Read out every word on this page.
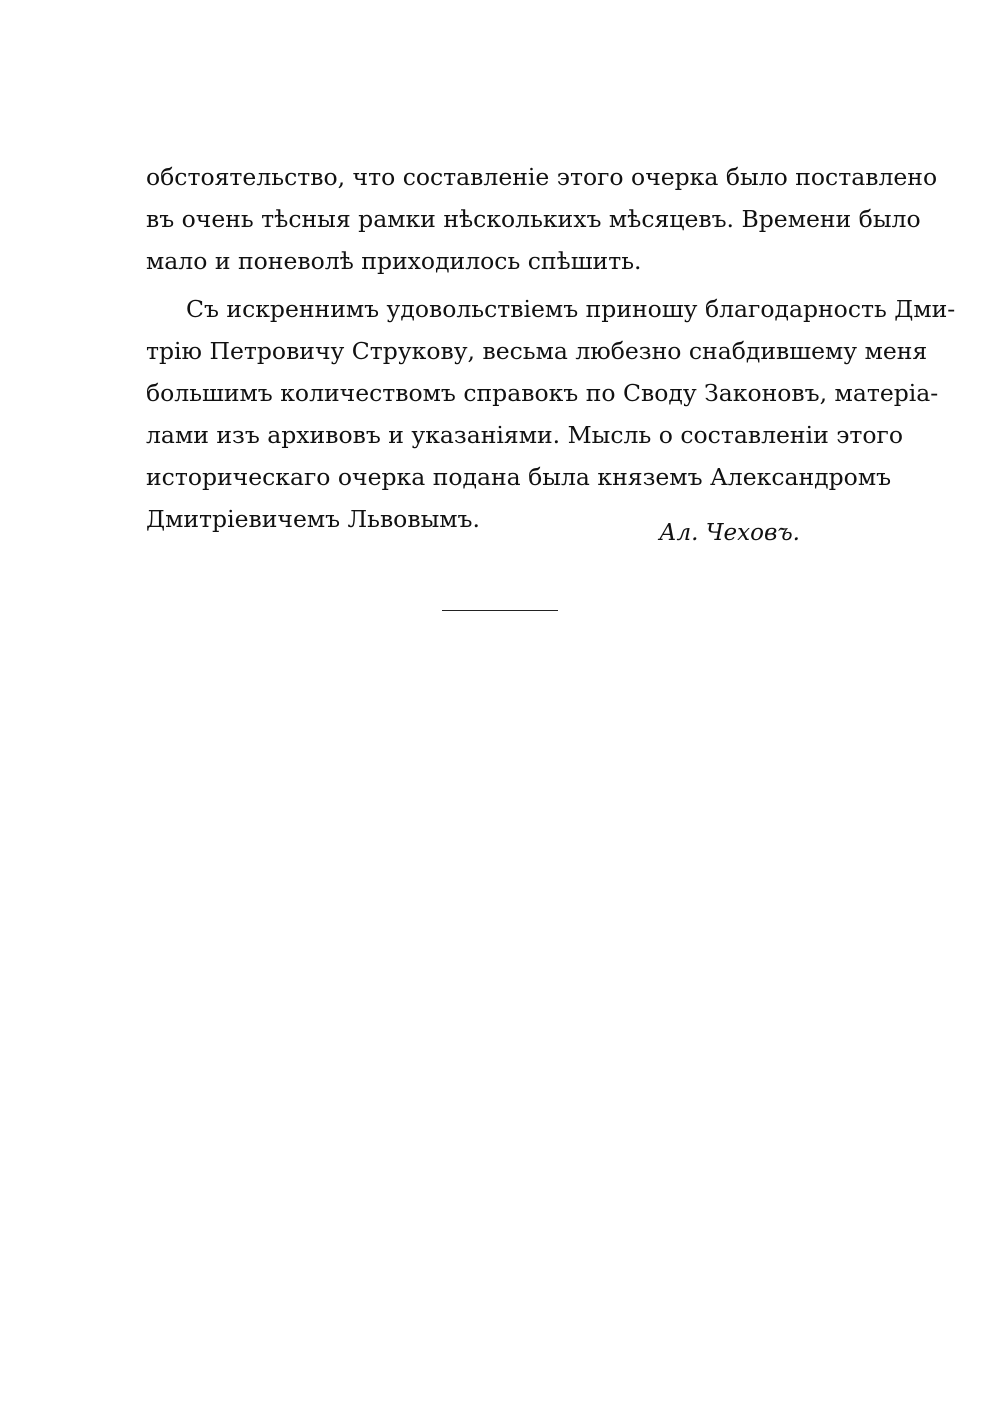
обстоятельство, что составленіе этого очерка было поставлено
въ очень тѣсныя рамки нѣсколькихъ мѣсяцевъ. Времени было
мало и поневолѣ приходилось спѣшить.
Съ искреннимъ удовольствіемъ приношу благодарность Дми-
трію Петровичу Струкову, весьма любезно снабдившему меня
большимъ количествомъ справокъ по Своду Законовъ, матеріа-
лами изъ архивовъ и указаніями. Мысль о составленіи этого
историческаго очерка подана была княземъ Александромъ
Дмитріевичемъ Львовымъ.	Ал. Чеховъ.
